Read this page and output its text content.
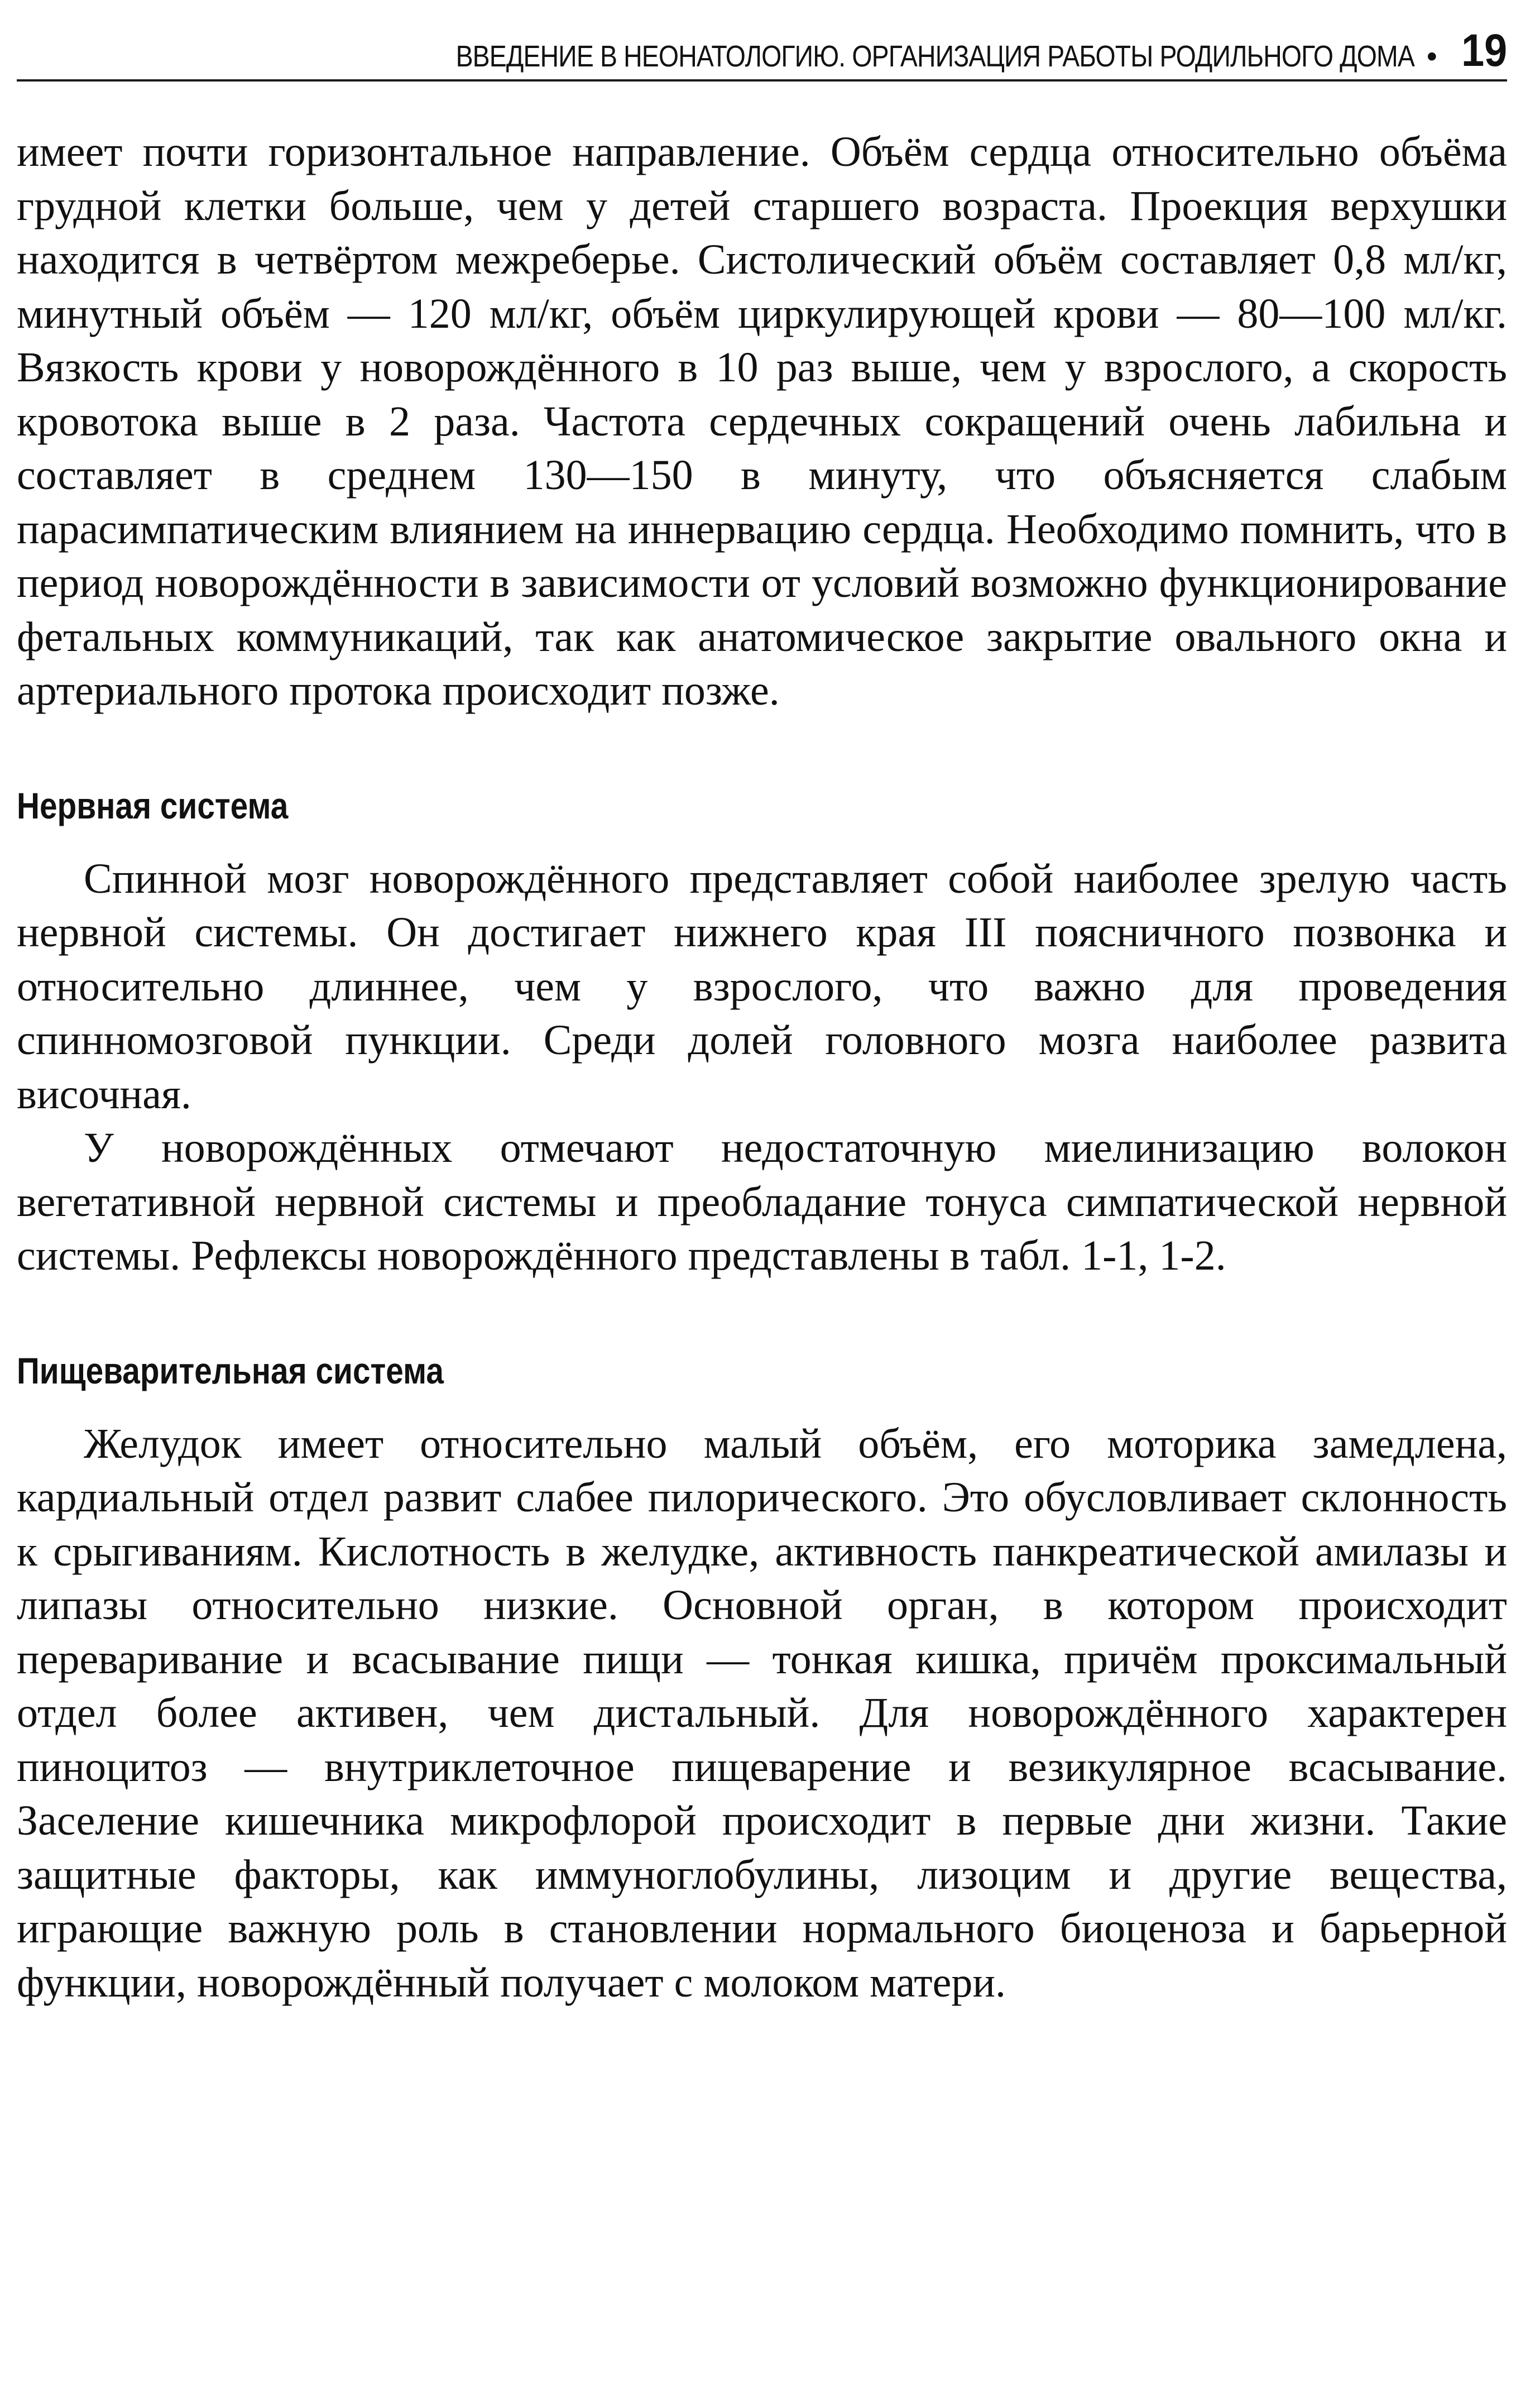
ВВЕДЕНИЕ В НЕОНАТОЛОГИЮ. ОРГАНИЗАЦИЯ РАБОТЫ РОДИЛЬНОГО ДОМА • 19

имеет почти горизонтальное направление. Объём сердца относительно объёма грудной клетки больше, чем у детей старшего возраста. Проекция верхушки находится в четвёртом межреберье. Систолический объём составляет 0,8 мл/кг, минутный объём — 120 мл/кг, объём циркулирующей крови — 80—100 мл/кг. Вязкость крови у новорождённого в 10 раз выше, чем у взрослого, а скорость кровотока выше в 2 раза. Частота сердечных сокращений очень лабильна и составляет в среднем 130—150 в минуту, что объясняется слабым парасимпатическим влиянием на иннервацию сердца. Необходимо помнить, что в период новорождённости в зависимости от условий возможно функционирование фетальных коммуникаций, так как анатомическое закрытие овального окна и артериального протока происходит позже.

Нервная система

Спинной мозг новорождённого представляет собой наиболее зрелую часть нервной системы. Он достигает нижнего края III поясничного позвонка и относительно длиннее, чем у взрослого, что важно для проведения спинномозговой пункции. Среди долей головного мозга наиболее развита височная.

У новорождённых отмечают недостаточную миелинизацию волокон вегетативной нервной системы и преобладание тонуса симпатической нервной системы. Рефлексы новорождённого представлены в табл. 1-1, 1-2.

Пищеварительная система

Желудок имеет относительно малый объём, его моторика замедлена, кардиальный отдел развит слабее пилорического. Это обусловливает склонность к срыгиваниям. Кислотность в желудке, активность панкреатической амилазы и липазы относительно низкие. Основной орган, в котором происходит переваривание и всасывание пищи — тонкая кишка, причём проксимальный отдел более активен, чем дистальный. Для новорождённого характерен пиноцитоз — внутриклеточное пищеварение и везикулярное всасывание. Заселение кишечника микрофлорой происходит в первые дни жизни. Такие защитные факторы, как иммуноглобулины, лизоцим и другие вещества, играющие важную роль в становлении нормального биоценоза и барьерной функции, новорождённый получает с молоком матери.
